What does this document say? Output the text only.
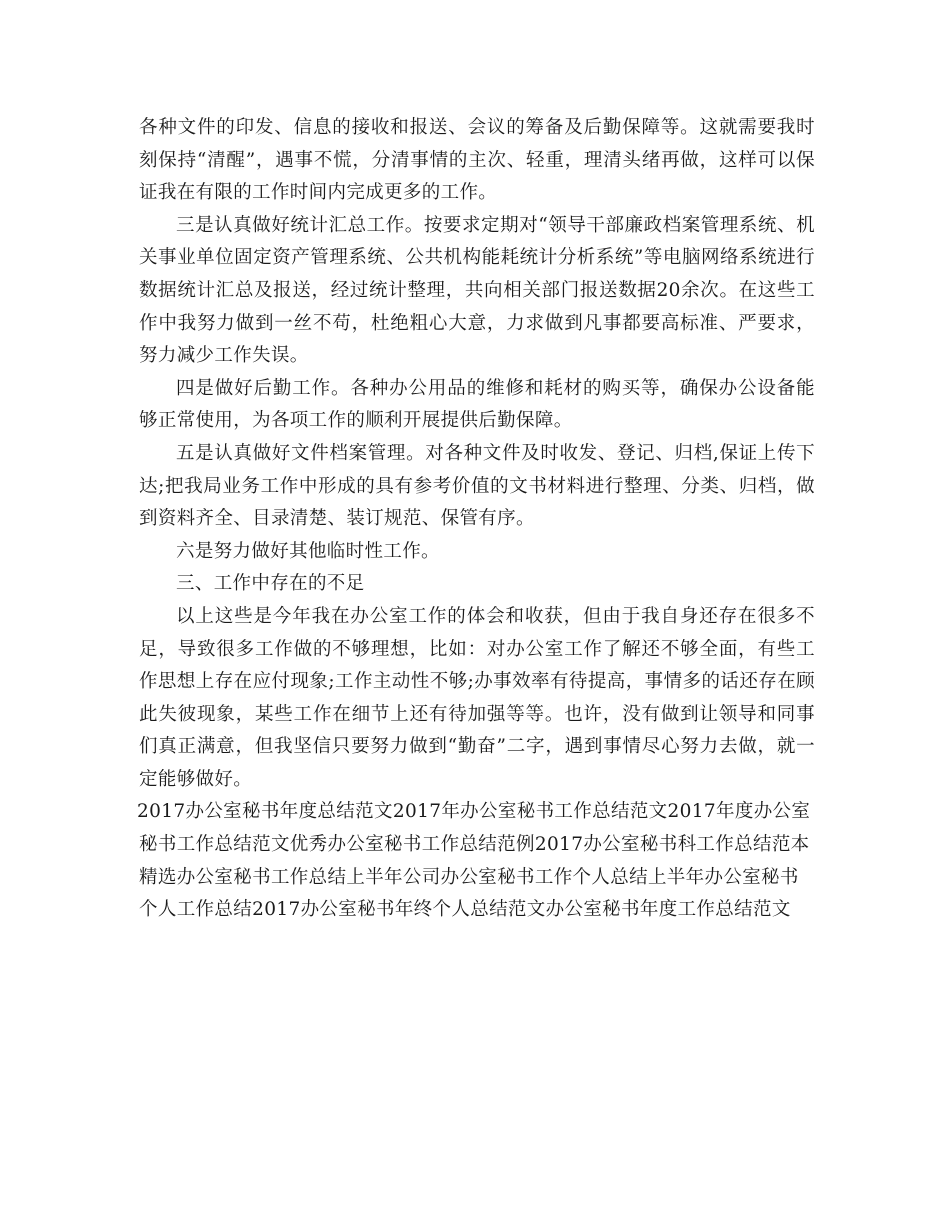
各种文件的印发、信息的接收和报送、会议的筹备及后勤保障等。这就需要我时刻保持“清醒”，遇事不慌，分清事情的主次、轻重，理清头绪再做，这样可以保证我在有限的工作时间内完成更多的工作。

三是认真做好统计汇总工作。按要求定期对“领导干部廉政档案管理系统、机关事业单位固定资产管理系统、公共机构能耗统计分析系统”等电脑网络系统进行数据统计汇总及报送，经过统计整理，共向相关部门报送数据20余次。在这些工作中我努力做到一丝不苟，杜绝粗心大意，力求做到凡事都要高标准、严要求，努力减少工作失误。

四是做好后勤工作。各种办公用品的维修和耗材的购买等，确保办公设备能够正常使用，为各项工作的顺利开展提供后勤保障。

五是认真做好文件档案管理。对各种文件及时收发、登记、归档,保证上传下达;把我局业务工作中形成的具有参考价值的文书材料进行整理、分类、归档，做到资料齐全、目录清楚、装订规范、保管有序。

六是努力做好其他临时性工作。

三、工作中存在的不足

以上这些是今年我在办公室工作的体会和收获，但由于我自身还存在很多不足，导致很多工作做的不够理想，比如：对办公室工作了解还不够全面，有些工作思想上存在应付现象;工作主动性不够;办事效率有待提高，事情多的话还存在顾此失彼现象，某些工作在细节上还有待加强等等。也许，没有做到让领导和同事们真正满意，但我坚信只要努力做到“勤奋”二字，遇到事情尽心努力去做，就一定能够做好。

2017办公室秘书年度总结范文2017年办公室秘书工作总结范文2017年度办公室秘书工作总结范文优秀办公室秘书工作总结范例2017办公室秘书科工作总结范本精选办公室秘书工作总结上半年公司办公室秘书工作个人总结上半年办公室秘书个人工作总结2017办公室秘书年终个人总结范文办公室秘书年度工作总结范文
